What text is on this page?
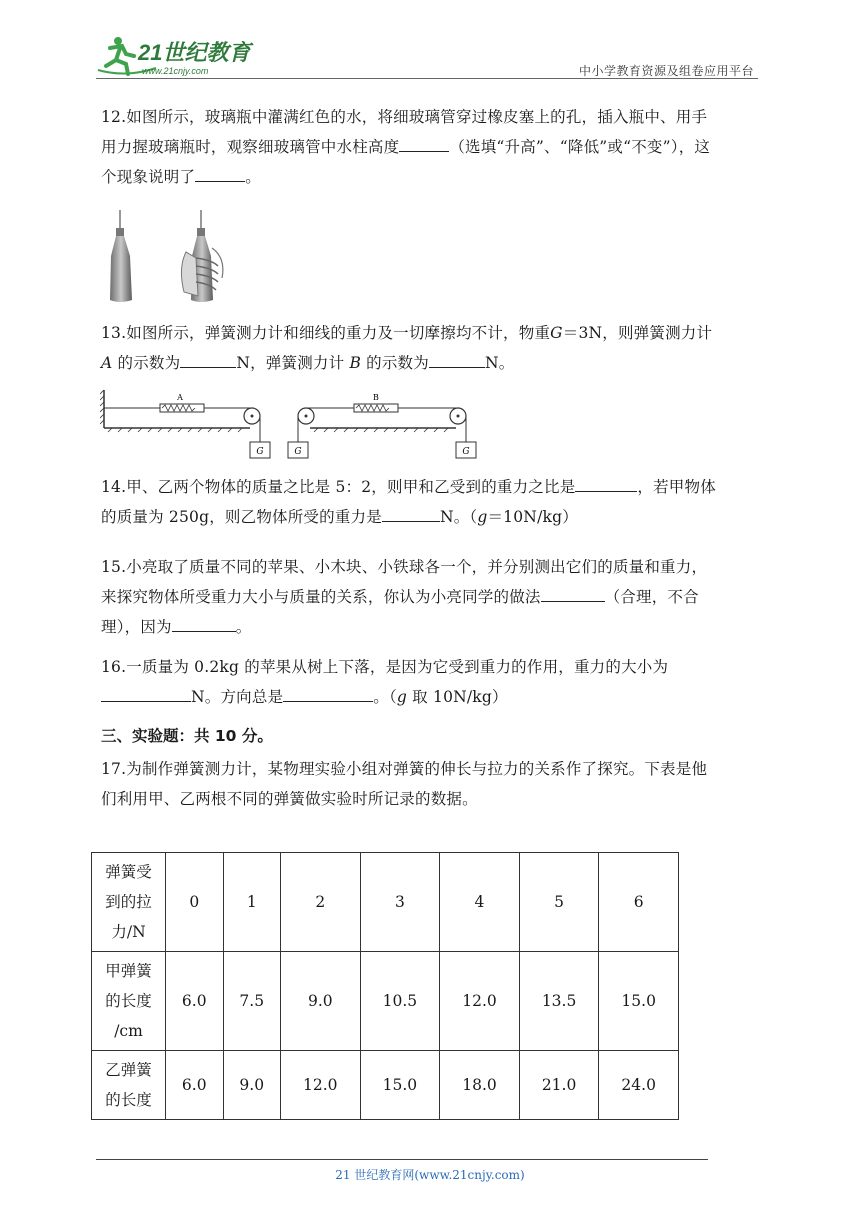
21世纪教育
www.21cnjy.com	中小学教育资源及组卷应用平台
12.如图所示，玻璃瓶中灌满红色的水，将细玻璃管穿过橡皮塞上的孔，插入瓶中、用手
用力握玻璃瓶时，观察细玻璃管中水柱高度	（选填“升高”、“降低”或“不变”），这
个现象说明了	。
13.如图所示，弹簧测力计和细线的重力及一切摩擦均不计，物重G＝3N，则弹簧测力计
A 的示数为	N，弹簧测力计 B 的示数为	N。
A
G	G
B
G
14.甲、乙两个物体的质量之比是 5：2，则甲和乙受到的重力之比是	，若甲物体
的质量为 250g，则乙物体所受的重力是	N。（g＝10N/kg）
15.小亮取了质量不同的苹果、小木块、小铁球各一个，并分别测出它们的质量和重力，
来探究物体所受重力大小与质量的关系，你认为小亮同学的做法	（合理，不合
理），因为	。
16.一质量为 0.2kg 的苹果从树上下落，是因为它受到重力的作用，重力的大小为
N。方向总是	。（g 取 10N/kg）
三、实验题：共 10 分。
17.为制作弹簧测力计，某物理实验小组对弹簧的伸长与拉力的关系作了探究。下表是他
们利用甲、乙两根不同的弹簧做实验时所记录的数据。
弹簧受
到的拉
力/N	0	1	2	3	4	5	6

甲弹簧
的长度
/cm	6.0	7.5	9.0	10.5	12.0	13.5	15.0

乙弹簧
的长度	6.0	9.0	12.0	15.0	18.0	21.0	24.0
21 世纪教育网(www.21cnjy.com)
